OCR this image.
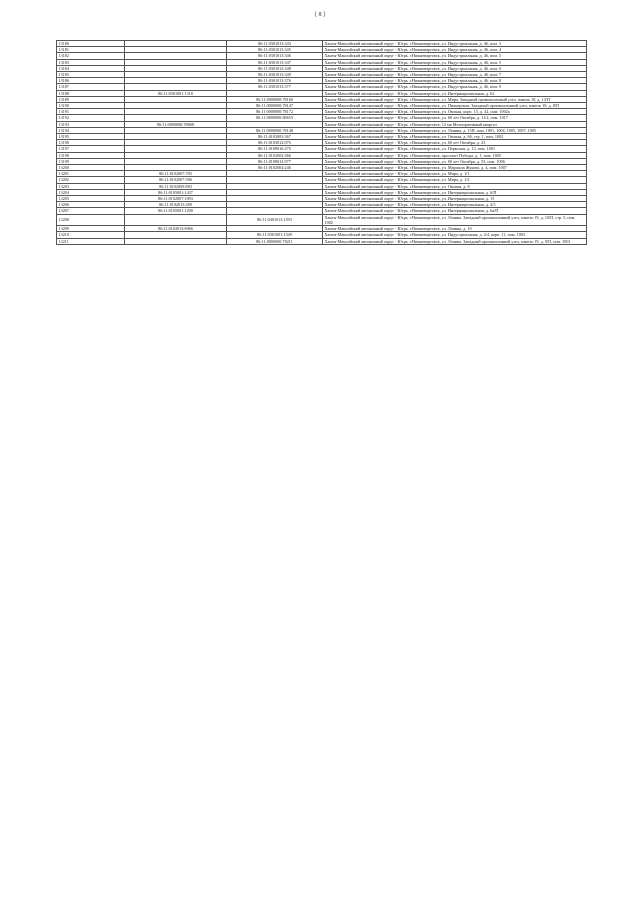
[ 8 ]
13180		86:11:0301013:343	Ханты-Мансийский автономный округ - Югра, г.Нижневартовск, ул. Индустриальная, д. 46, пом. 3
13181		86:11:0301013:345	Ханты-Мансийский автономный округ - Югра, г.Нижневартовск, ул. Индустриальная, д. 46, пом. 4
13182		86:11:0301013:346	Ханты-Мансийский автономный округ - Югра, г.Нижневартовск, ул. Индустриальная, д. 46, пом. 5
13183		86:11:0301013:347	Ханты-Мансийский автономный округ - Югра, г.Нижневартовск, ул. Индустриальная, д. 46, пом. 5
13184		86:11:0301013:348	Ханты-Мансийский автономный округ - Югра, г.Нижневартовск, ул. Индустриальная, д. 46, пом. 6
13185		86:11:0301013:349	Ханты-Мансийский автономный округ - Югра, г.Нижневартовск, ул. Индустриальная, д. 46, пом. 7
13186		86:11:0301013:376	Ханты-Мансийский автономный округ - Югра, г.Нижневартовск, ул. Индустриальная, д. 46, пом. 8
13187		86:11:0301013:377	Ханты-Мансийский автономный округ - Югра, г.Нижневартовск, ул. Индустриальная, д. 46, пом. 9
13188	86:11:0301001:1318		Ханты-Мансийский автономный округ - Югра, г.Нижневартовск, ул. Интернациональная, д. 62
13189		86:11:0000000:78160	Ханты-Мансийский автономный округ - Югра, г.Нижневартовск, ул. Мира, Западный промышленный узел, панель 18, д. 13/П
13190		86:11:0000000:78147	Ханты-Мансийский автономный округ - Югра, г.Нижневартовск, ул. Пионерская, Западный промышленный узел, панель 18, д. 8/П
13191		86:11:0000000:78172	Ханты-Мансийский автономный округ - Югра, г.Нижневартовск, ул. Омская, корп. 15, д. 42, пом. 1002а
13192		86:11:0000000:80653	Ханты-Мансийский автономный округ - Югра, г.Нижневартовск, ул. 60 лет Октября, д. 11/2, пом. 1017
13193	86:11:0000000:78868		Ханты-Мансийский автономный округ - Югра, г.Нижневартовск, 12 мк Мелиоративный квартал
13194		86:11:0000000:78148	Ханты-Мансийский автономный округ - Югра, г.Нижневартовск, ул. Ленина, д. 15П, пом. 1001, 1004, 1005, 1007, 1005
13195		86:11:0103003:367	Ханты-Мансийский автономный округ - Югра, г.Нижневартовск, ул. Омская, д. 66, стр. 1, пом. 1002
13196		86:11:0103012:075	Ханты-Мансийский автономный округ - Югра, г.Нижневартовск, ул. 60 лет Октября, д. 23
13197		86:11:0109016:275	Ханты-Мансийский автономный округ - Югра, г.Нижневартовск, ул. Пермская, д. 13, пом. 1001
13198		86:11:0102002:366	Ханты-Мансийский автономный округ - Югра, г.Нижневартовск, проспект Победы, д. 1, пом. 1005
13199		86:11:0109012:977	Ханты-Мансийский автономный округ - Югра, г.Нижневартовск, ул. 60 лет Октября, д. 53, пом. 1006
13200		86:11:0102004:246	Ханты-Мансийский автономный округ - Югра, г.Нижневартовск, ул. Маршала Жукова, д. 4, пом. 1007
13201	86:11:0102007:783		Ханты-Мансийский автономный округ - Югра, г.Нижневартовск, ул. Мира, д. 1/1
13202	86:11:0102007:586		Ханты-Мансийский автономный округ - Югра, г.Нижневартовск, ул. Мира, д. 1/2
13203	86:11:0102009:883		Ханты-Мансийский автономный округ - Югра, г.Нижневартовск, ул. Омская, д. 8
13204	86:11:0105001:1437		Ханты-Мансийский автономный округ - Югра, г.Нижневартовск, ул. Интернациональная, д. 6/П
13205	86:11:0102007:1093		Ханты-Мансийский автономный округ - Югра, г.Нижневартовск, ул. Интернациональная, д. 15
13206	86:11:0102013:289		Ханты-Мансийский автономный округ - Югра, г.Нижневартовск, ул. Интернациональная, д. 4/3
13207	86:11:0105001:1290		Ханты-Мансийский автономный округ - Югра, г.Нижневартовск, ул. Интернациональная, д. 6а/П
13208		86:11:0401013:1593	Ханты-Мансийский автономный округ - Югра, г.Нижневартовск, ул. Ленина, Западный промышленный узел, панель 19, д. 10/П, стр. 5, пом. 1002
13209	86:11:0102013:6966		Ханты-Мансийский автономный округ - Югра, г.Нижневартовск, ул. Ленина, д. 10
13210		86:11:0301001:1549	Ханты-Мансийский автономный округ - Югра, г.Нижневартовск, ул. Индустриальная, д. 2/4, корп. 11, пом. 1003
13211		86:11:0000000:78211	Ханты-Мансийский автономный округ - Югра, г.Нижневартовск, ул. Ленина, Западный промышленный узел, панель 19, д. 9/П, пом. 1001
